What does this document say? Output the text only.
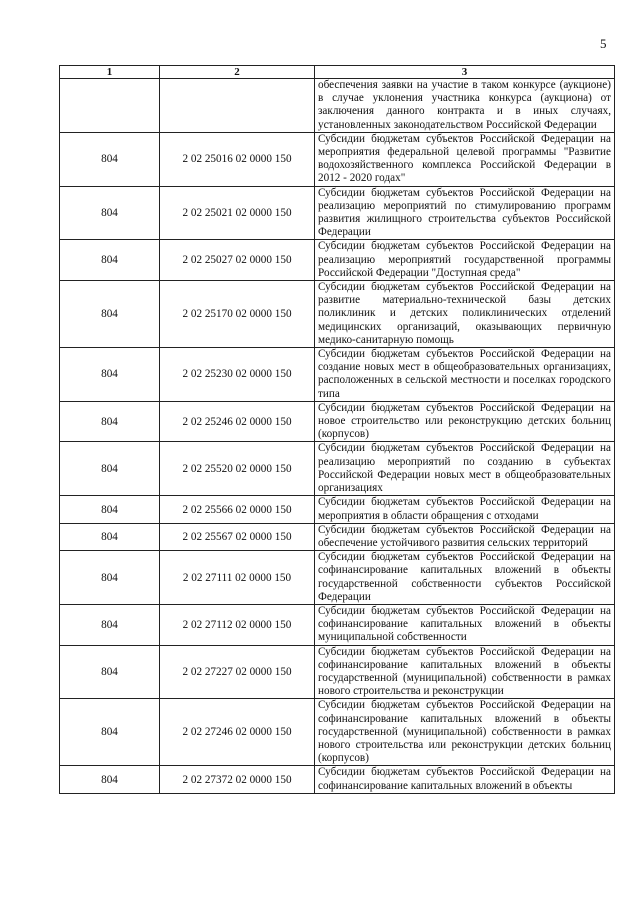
5
1	2	3
		обеспечения заявки на участие в таком конкурсе (аукционе) в случае уклонения участника конкурса (аукциона) от заключения данного контракта и в иных случаях, установленных законодательством Российской Федерации
804	2 02 25016 02 0000 150	Субсидии бюджетам субъектов Российской Федерации на мероприятия федеральной целевой программы "Развитие водохозяйственного комплекса Российской Федерации в 2012 - 2020 годах"
804	2 02 25021 02 0000 150	Субсидии бюджетам субъектов Российской Федерации на реализацию мероприятий по стимулированию программ развития жилищного строительства субъектов Российской Федерации
804	2 02 25027 02 0000 150	Субсидии бюджетам субъектов Российской Федерации на реализацию мероприятий государственной программы Российской Федерации "Доступная среда"
804	2 02 25170 02 0000 150	Субсидии бюджетам субъектов Российской Федерации на развитие материально-технической базы детских поликлиник и детских поликлинических отделений медицинских организаций, оказывающих первичную медико-санитарную помощь
804	2 02 25230 02 0000 150	Субсидии бюджетам субъектов Российской Федерации на создание новых мест в общеобразовательных организациях, расположенных в сельской местности и поселках городского типа
804	2 02 25246 02 0000 150	Субсидии бюджетам субъектов Российской Федерации на новое строительство или реконструкцию детских больниц (корпусов)
804	2 02 25520 02 0000 150	Субсидии бюджетам субъектов Российской Федерации на реализацию мероприятий по созданию в субъектах Российской Федерации новых мест в общеобразовательных организациях
804	2 02 25566 02 0000 150	Субсидии бюджетам субъектов Российской Федерации на мероприятия в области обращения с отходами
804	2 02 25567 02 0000 150	Субсидии бюджетам субъектов Российской Федерации на обеспечение устойчивого развития сельских территорий
804	2 02 27111 02 0000 150	Субсидии бюджетам субъектов Российской Федерации на софинансирование капитальных вложений в объекты государственной собственности субъектов Российской Федерации
804	2 02 27112 02 0000 150	Субсидии бюджетам субъектов Российской Федерации на софинансирование капитальных вложений в объекты муниципальной собственности
804	2 02 27227 02 0000 150	Субсидии бюджетам субъектов Российской Федерации на софинансирование капитальных вложений в объекты государственной (муниципальной) собственности в рамках нового строительства и реконструкции
804	2 02 27246 02 0000 150	Субсидии бюджетам субъектов Российской Федерации на софинансирование капитальных вложений в объекты государственной (муниципальной) собственности в рамках нового строительства или реконструкции детских больниц (корпусов)
804	2 02 27372 02 0000 150	Субсидии бюджетам субъектов Российской Федерации на софинансирование капитальных вложений в объекты
